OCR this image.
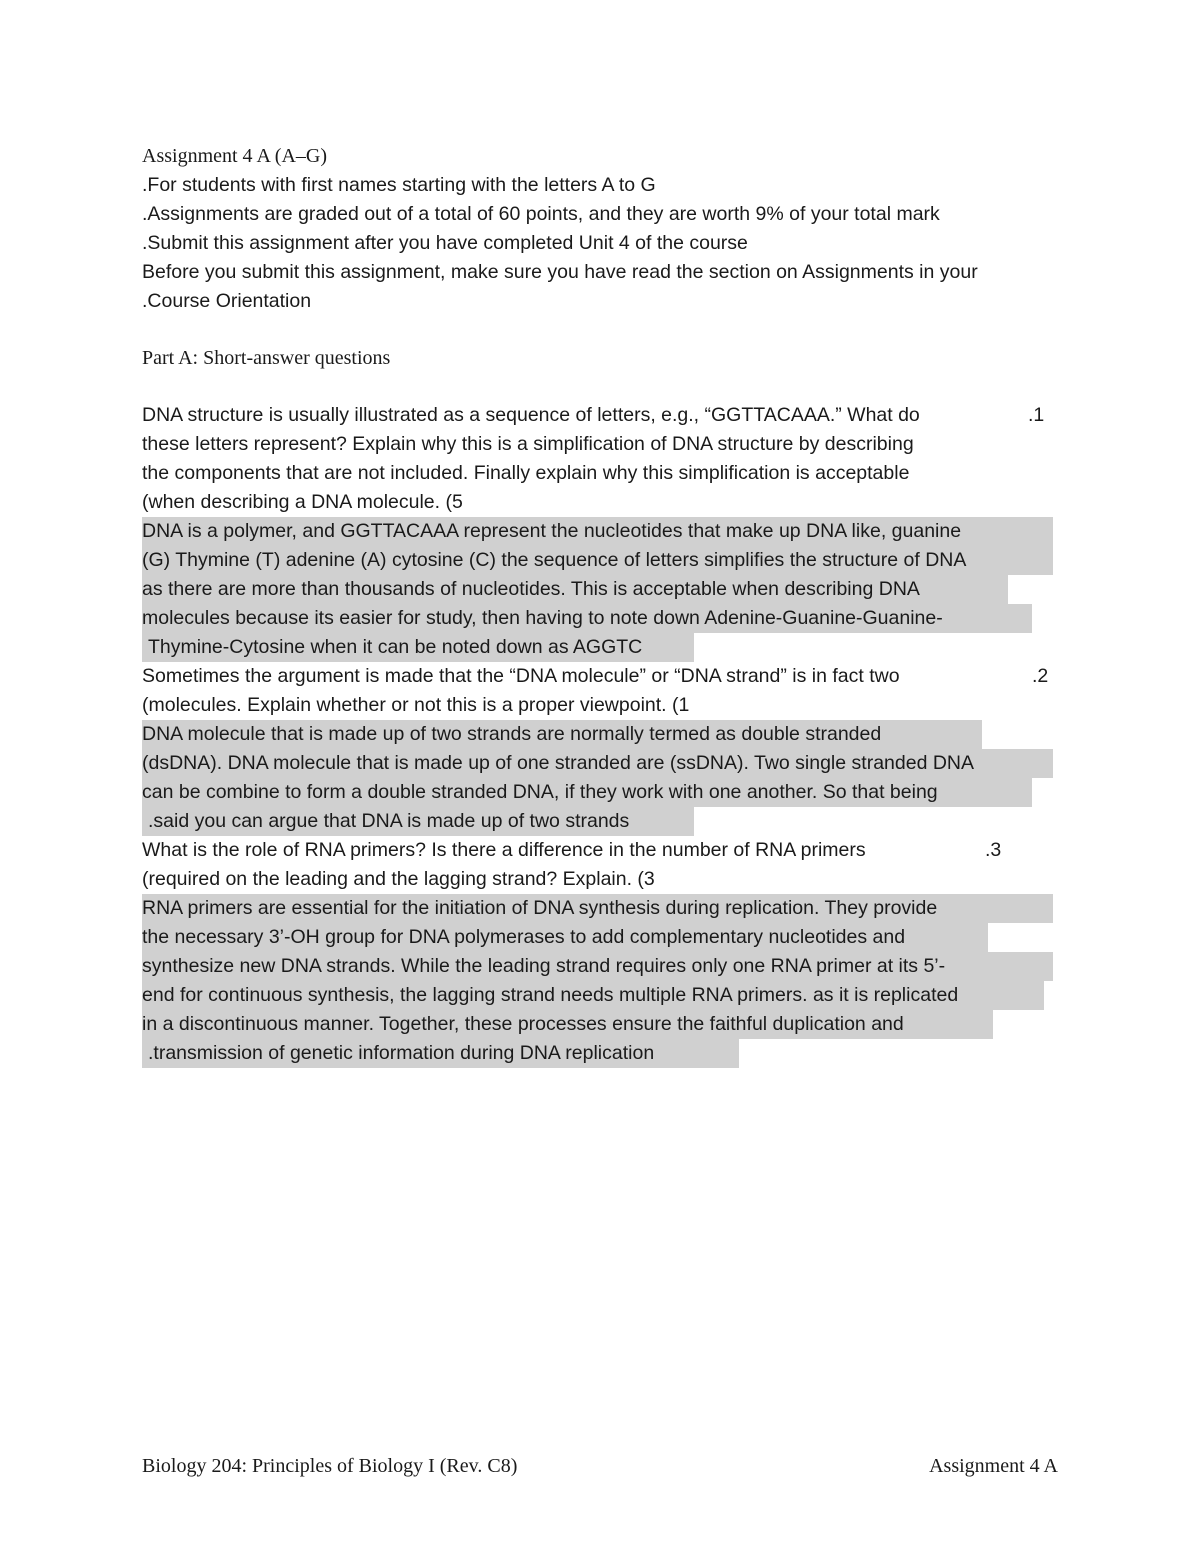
Assignment 4 A (A–G)
.For students with first names starting with the letters A to G
.Assignments are graded out of a total of 60 points, and they are worth 9% of your total mark
.Submit this assignment after you have completed Unit 4 of the course
Before you submit this assignment, make sure you have read the section on Assignments in your
.Course Orientation
Part A: Short-answer questions
DNA structure is usually illustrated as a sequence of letters, e.g., “GGTTACAAA.” What do	.1
these letters represent? Explain why this is a simplification of DNA structure by describing
the components that are not included. Finally explain why this simplification is acceptable
(when describing a DNA molecule. (5
DNA is a polymer, and GGTTACAAA represent the nucleotides that make up DNA like, guanine
(G) Thymine (T) adenine (A) cytosine (C) the sequence of letters simplifies the structure of DNA
as there are more than thousands of nucleotides. This is acceptable when describing DNA
molecules because its easier for study, then having to note down Adenine-Guanine-Guanine-
Thymine-Cytosine when it can be noted down as AGGTC
Sometimes the argument is made that the “DNA molecule” or “DNA strand” is in fact two	.2
(molecules. Explain whether or not this is a proper viewpoint. (1
DNA molecule that is made up of two strands are normally termed as double stranded
(dsDNA). DNA molecule that is made up of one stranded are (ssDNA). Two single stranded DNA
can be combine to form a double stranded DNA, if they work with one another. So that being
.said you can argue that DNA is made up of two strands
What is the role of RNA primers? Is there a difference in the number of RNA primers	.3
(required on the leading and the lagging strand? Explain. (3
RNA primers are essential for the initiation of DNA synthesis during replication. They provide
the necessary 3’-OH group for DNA polymerases to add complementary nucleotides and
synthesize new DNA strands. While the leading strand requires only one RNA primer at its 5’-
end for continuous synthesis, the lagging strand needs multiple RNA primers. as it is replicated
in a discontinuous manner. Together, these processes ensure the faithful duplication and
.transmission of genetic information during DNA replication
Biology 204: Principles of Biology I (Rev. C8)	Assignment 4 A
